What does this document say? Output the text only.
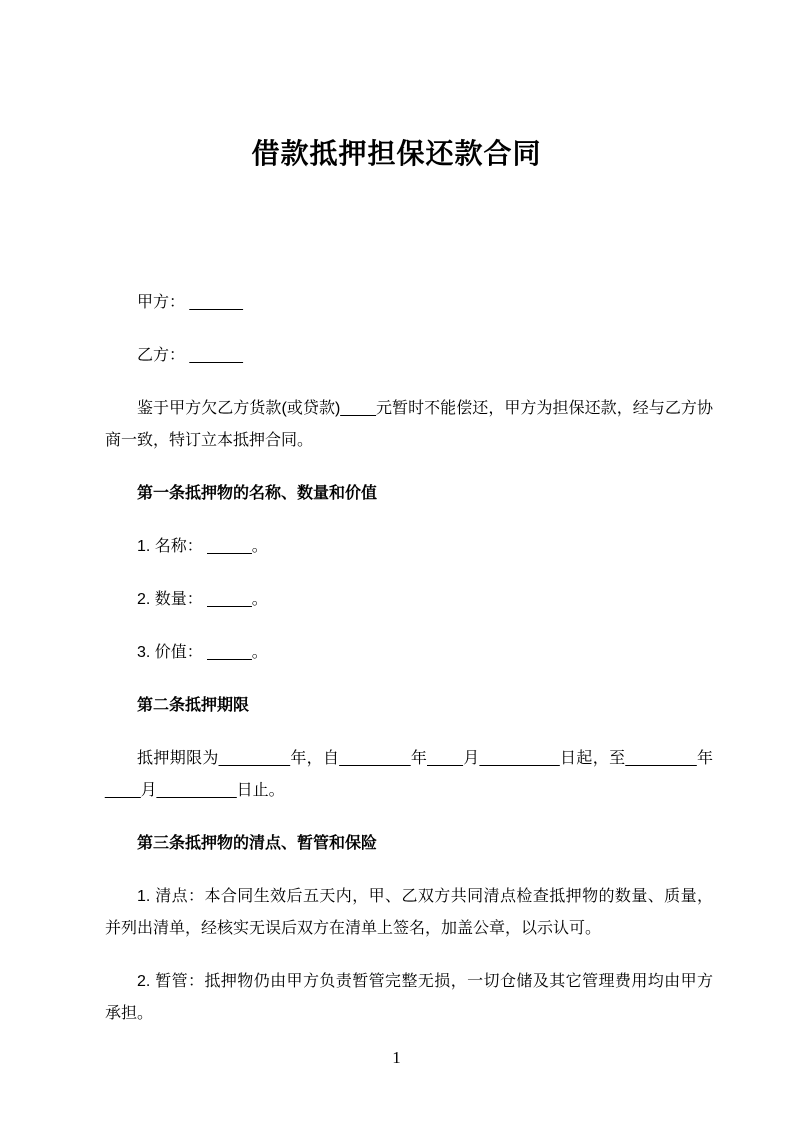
借款抵押担保还款合同

甲方： ______

乙方： ______

鉴于甲方欠乙方货款(或贷款)____元暂时不能偿还，甲方为担保还款，经与乙方协商一致，特订立本抵押合同。

第一条抵押物的名称、数量和价值

1. 名称： _____。

2. 数量： _____。

3. 价值： _____。

第二条抵押期限

抵押期限为________年，自________年____月_________日起，至________年____月_________日止。

第三条抵押物的清点、暂管和保险

1. 清点：本合同生效后五天内，甲、乙双方共同清点检查抵押物的数量、质量，并列出清单，经核实无误后双方在清单上签名，加盖公章，以示认可。

2. 暂管：抵押物仍由甲方负责暂管完整无损，一切仓储及其它管理费用均由甲方承担。

1
